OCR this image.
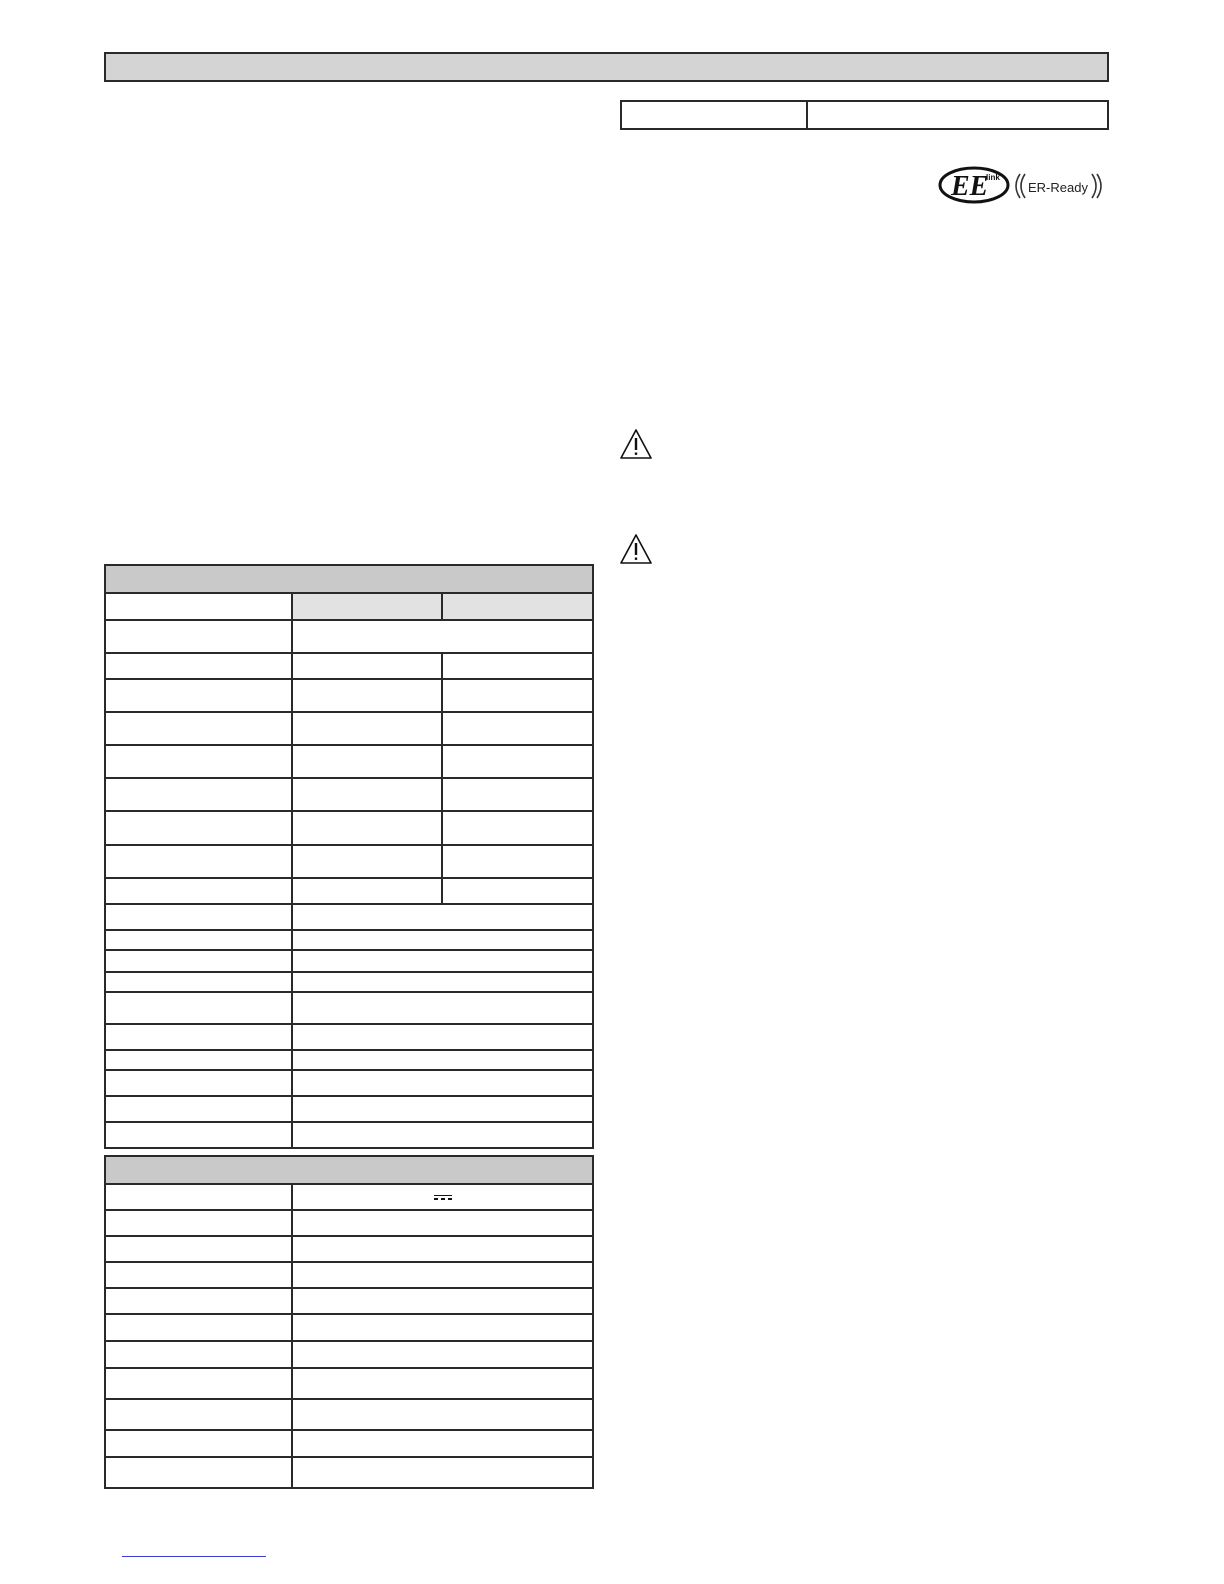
EE
link
ER-Ready
